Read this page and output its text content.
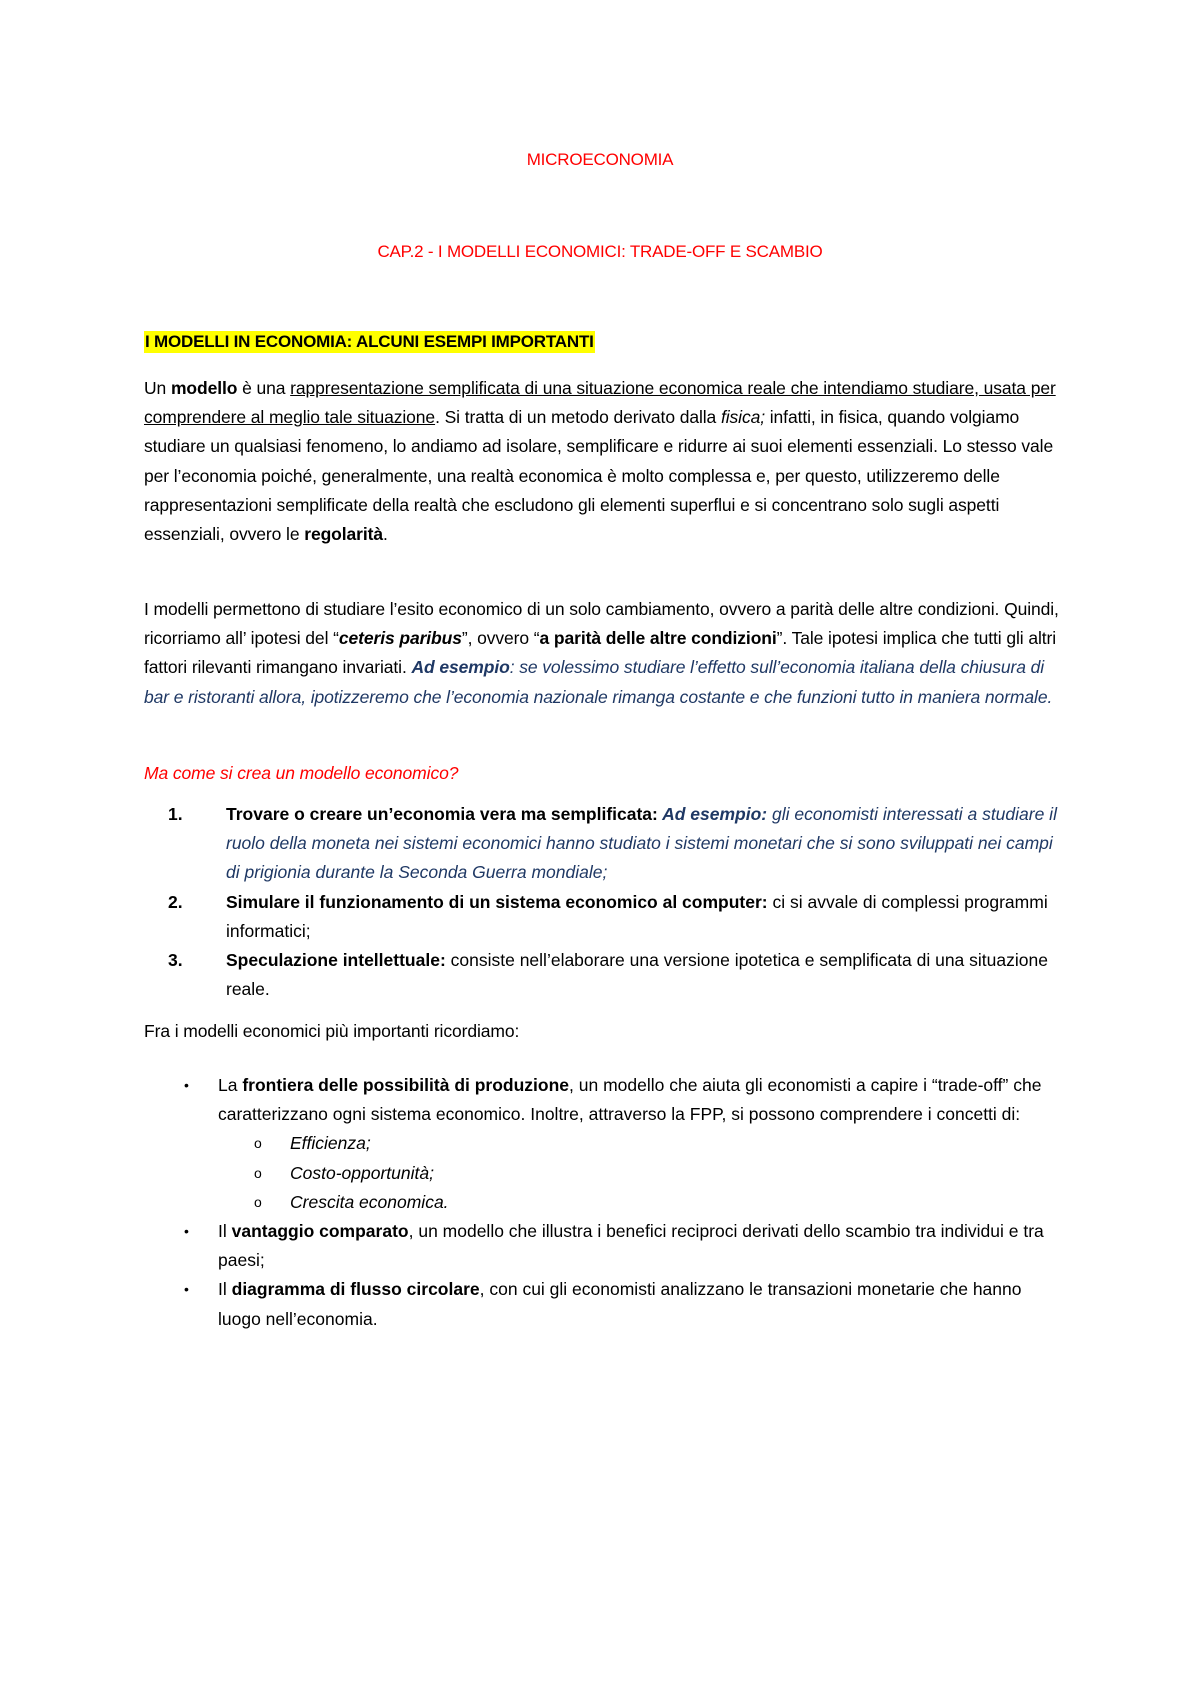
MICROECONOMIA
CAP.2 - I MODELLI ECONOMICI: TRADE-OFF E SCAMBIO
I MODELLI IN ECONOMIA: ALCUNI ESEMPI IMPORTANTI

Un modello è una rappresentazione semplificata di una situazione economica reale che intendiamo studiare, usata per comprendere al meglio tale situazione. Si tratta di un metodo derivato dalla fisica; infatti, in fisica, quando volgiamo studiare un qualsiasi fenomeno, lo andiamo ad isolare, semplificare e ridurre ai suoi elementi essenziali. Lo stesso vale per l’economia poiché, generalmente, una realtà economica è molto complessa e, per questo, utilizzeremo delle rappresentazioni semplificate della realtà che escludono gli elementi superflui e si concentrano solo sugli aspetti essenziali, ovvero le regolarità.

I modelli permettono di studiare l’esito economico di un solo cambiamento, ovvero a parità delle altre condizioni. Quindi, ricorriamo all’ ipotesi del “ceteris paribus”, ovvero “a parità delle altre condizioni”. Tale ipotesi implica che tutti gli altri fattori rilevanti rimangano invariati. Ad esempio: se volessimo studiare l’effetto sull’economia italiana della chiusura di bar e ristoranti allora, ipotizzeremo che l’economia nazionale rimanga costante e che funzioni tutto in maniera normale.

Ma come si crea un modello economico?

1. Trovare o creare un’economia vera ma semplificata: Ad esempio: gli economisti interessati a studiare il ruolo della moneta nei sistemi economici hanno studiato i sistemi monetari che si sono sviluppati nei campi di prigionia durante la Seconda Guerra mondiale;
2. Simulare il funzionamento di un sistema economico al computer: ci si avvale di complessi programmi informatici;
3. Speculazione intellettuale: consiste nell’elaborare una versione ipotetica e semplificata di una situazione reale.

Fra i modelli economici più importanti ricordiamo:

• La frontiera delle possibilità di produzione, un modello che aiuta gli economisti a capire i “trade-off” che caratterizzano ogni sistema economico. Inoltre, attraverso la FPP, si possono comprendere i concetti di:
o Efficienza;
o Costo-opportunità;
o Crescita economica.
• Il vantaggio comparato, un modello che illustra i benefici reciproci derivati dello scambio tra individui e tra paesi;
• Il diagramma di flusso circolare, con cui gli economisti analizzano le transazioni monetarie che hanno luogo nell’economia.
